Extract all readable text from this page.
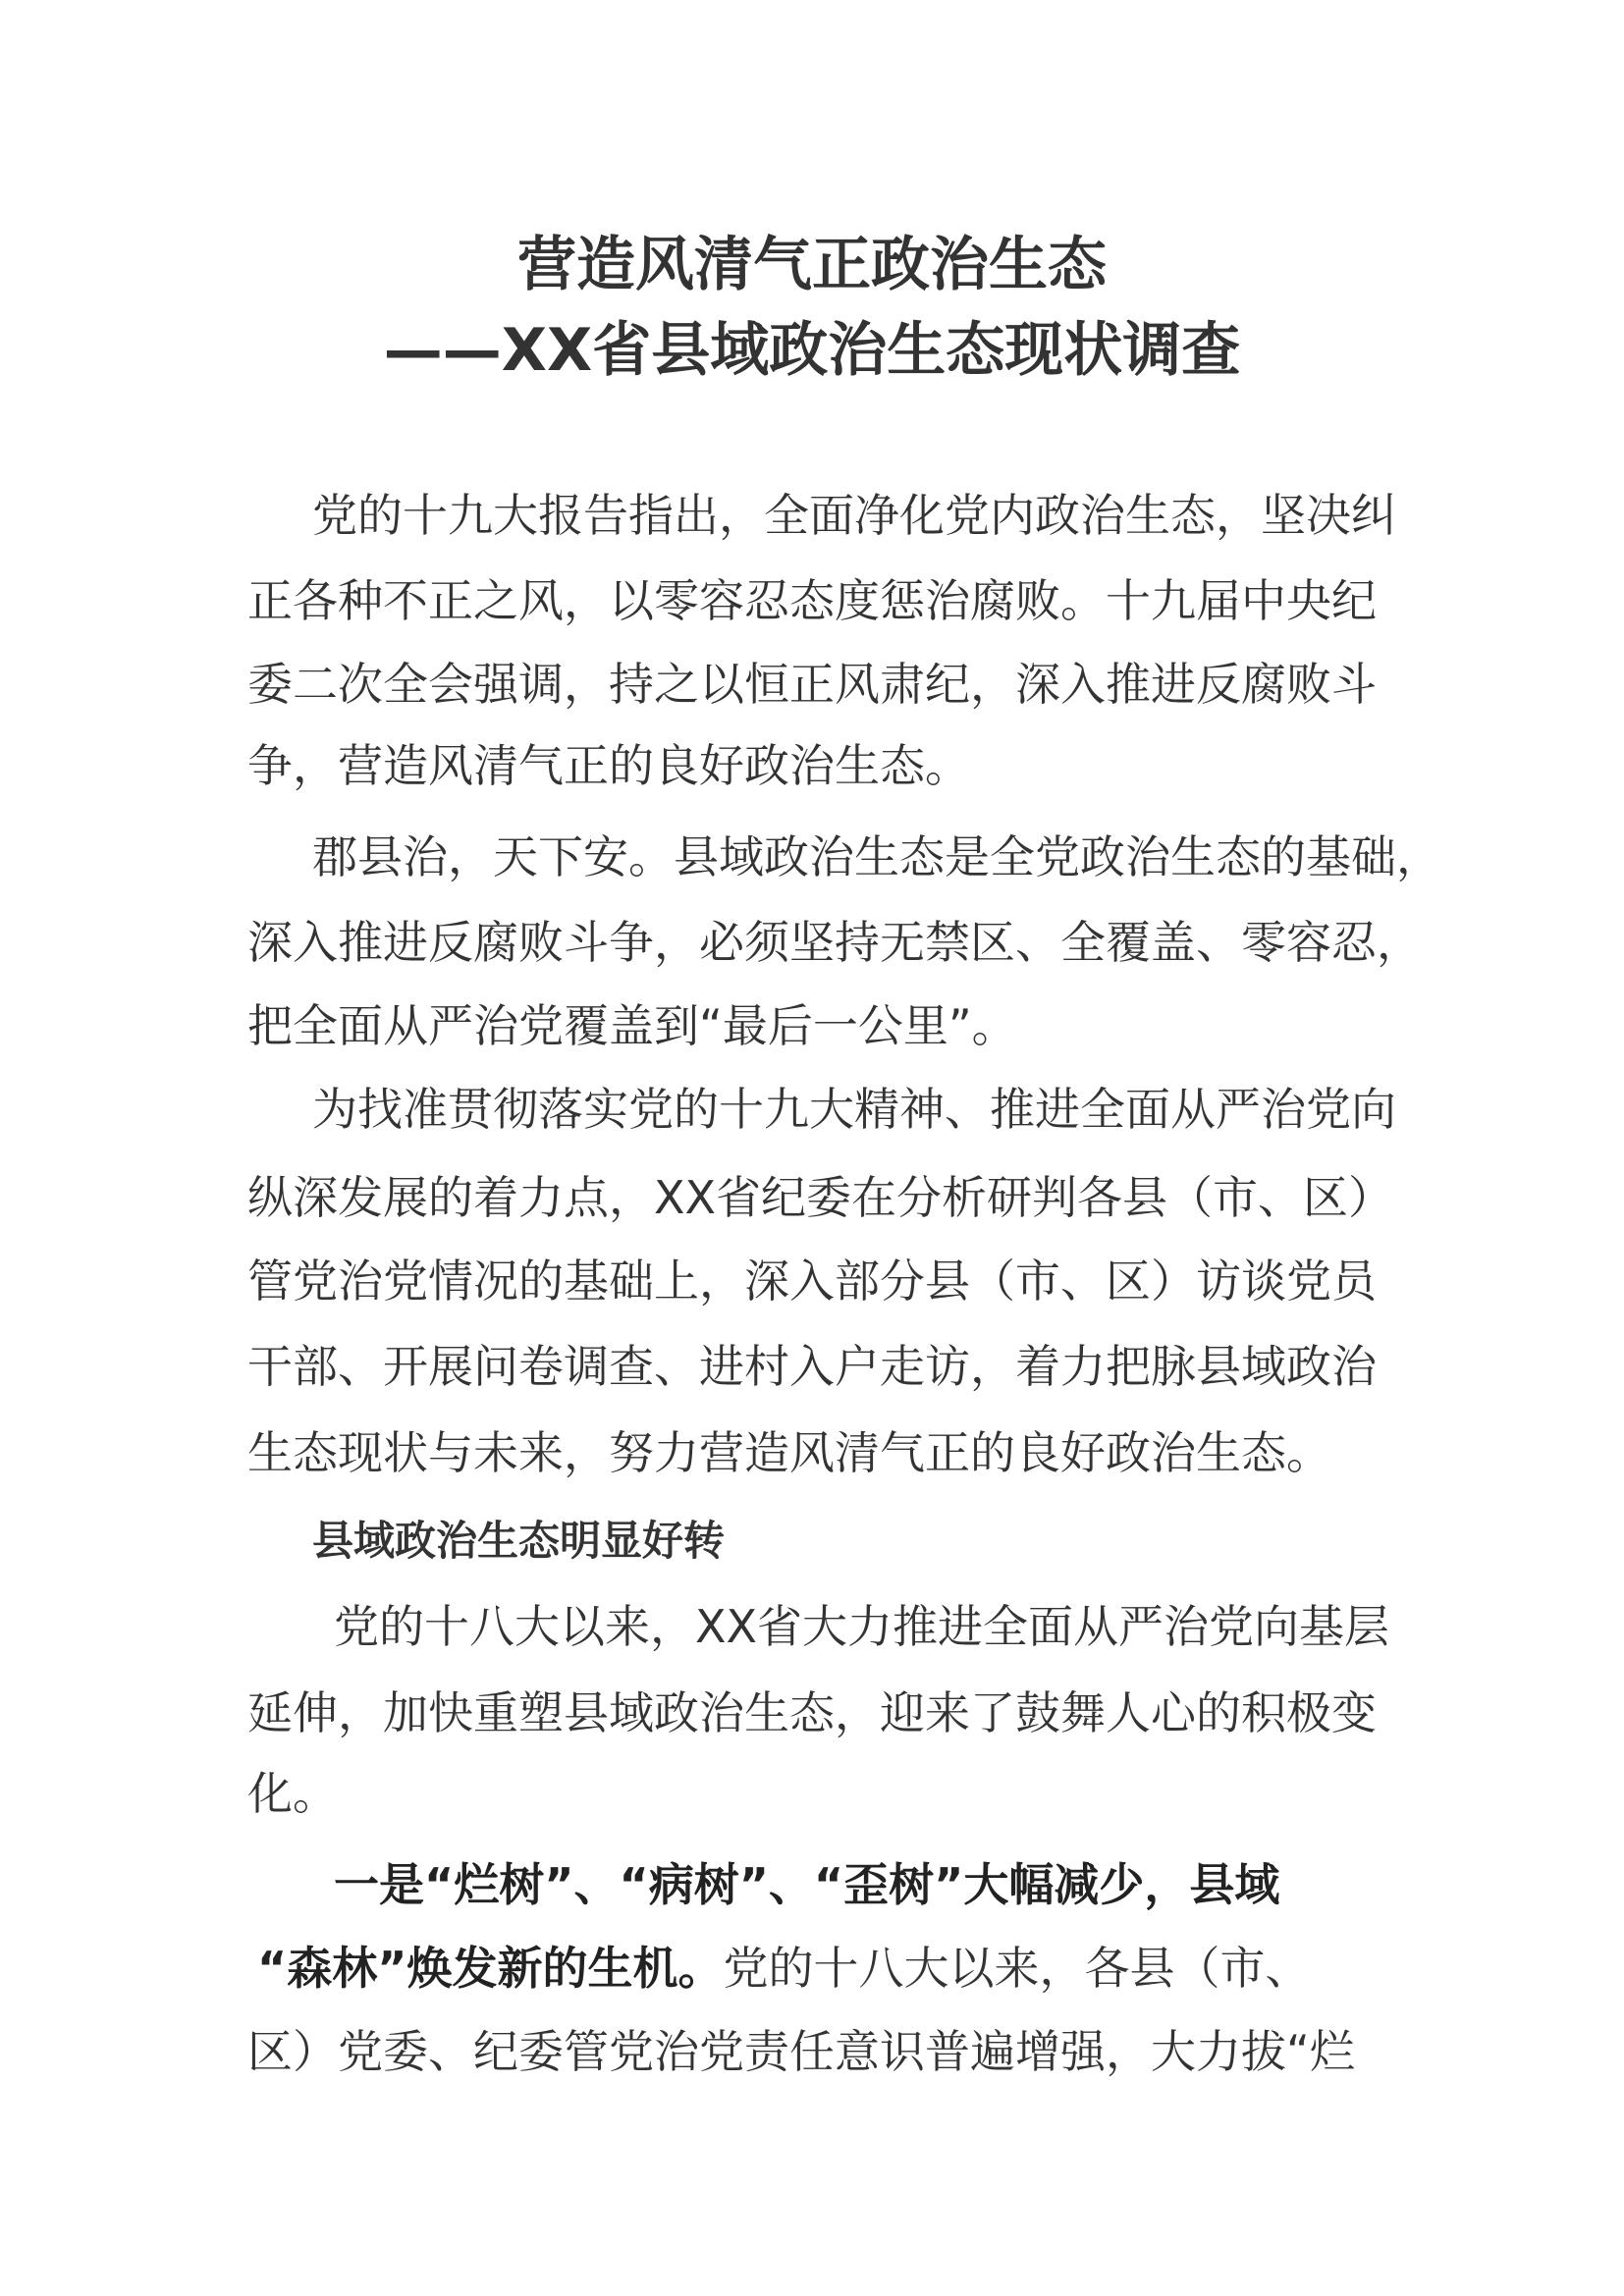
营造风清气正政治生态
——XX省县域政治生态现状调查
党的十九大报告指出，全面净化党内政治生态，坚决纠
正各种不正之风，以零容忍态度惩治腐败。十九届中央纪
委二次全会强调，持之以恒正风肃纪，深入推进反腐败斗
争，营造风清气正的良好政治生态。
郡县治，天下安。县域政治生态是全党政治生态的基础，
深入推进反腐败斗争，必须坚持无禁区、全覆盖、零容忍，
把全面从严治党覆盖到“最后一公里”。
为找准贯彻落实党的十九大精神、推进全面从严治党向
纵深发展的着力点，XX省纪委在分析研判各县（市、区）
管党治党情况的基础上，深入部分县（市、区）访谈党员
干部、开展问卷调查、进村入户走访，着力把脉县域政治
生态现状与未来，努力营造风清气正的良好政治生态。
县域政治生态明显好转
党的十八大以来，XX省大力推进全面从严治党向基层
延伸，加快重塑县域政治生态，迎来了鼓舞人心的积极变
化。
一是“烂树”、“病树”、“歪树”大幅减少，县域
“森林”焕发新的生机。党的十八大以来，各县（市、
区）党委、纪委管党治党责任意识普遍增强，大力拔“烂
